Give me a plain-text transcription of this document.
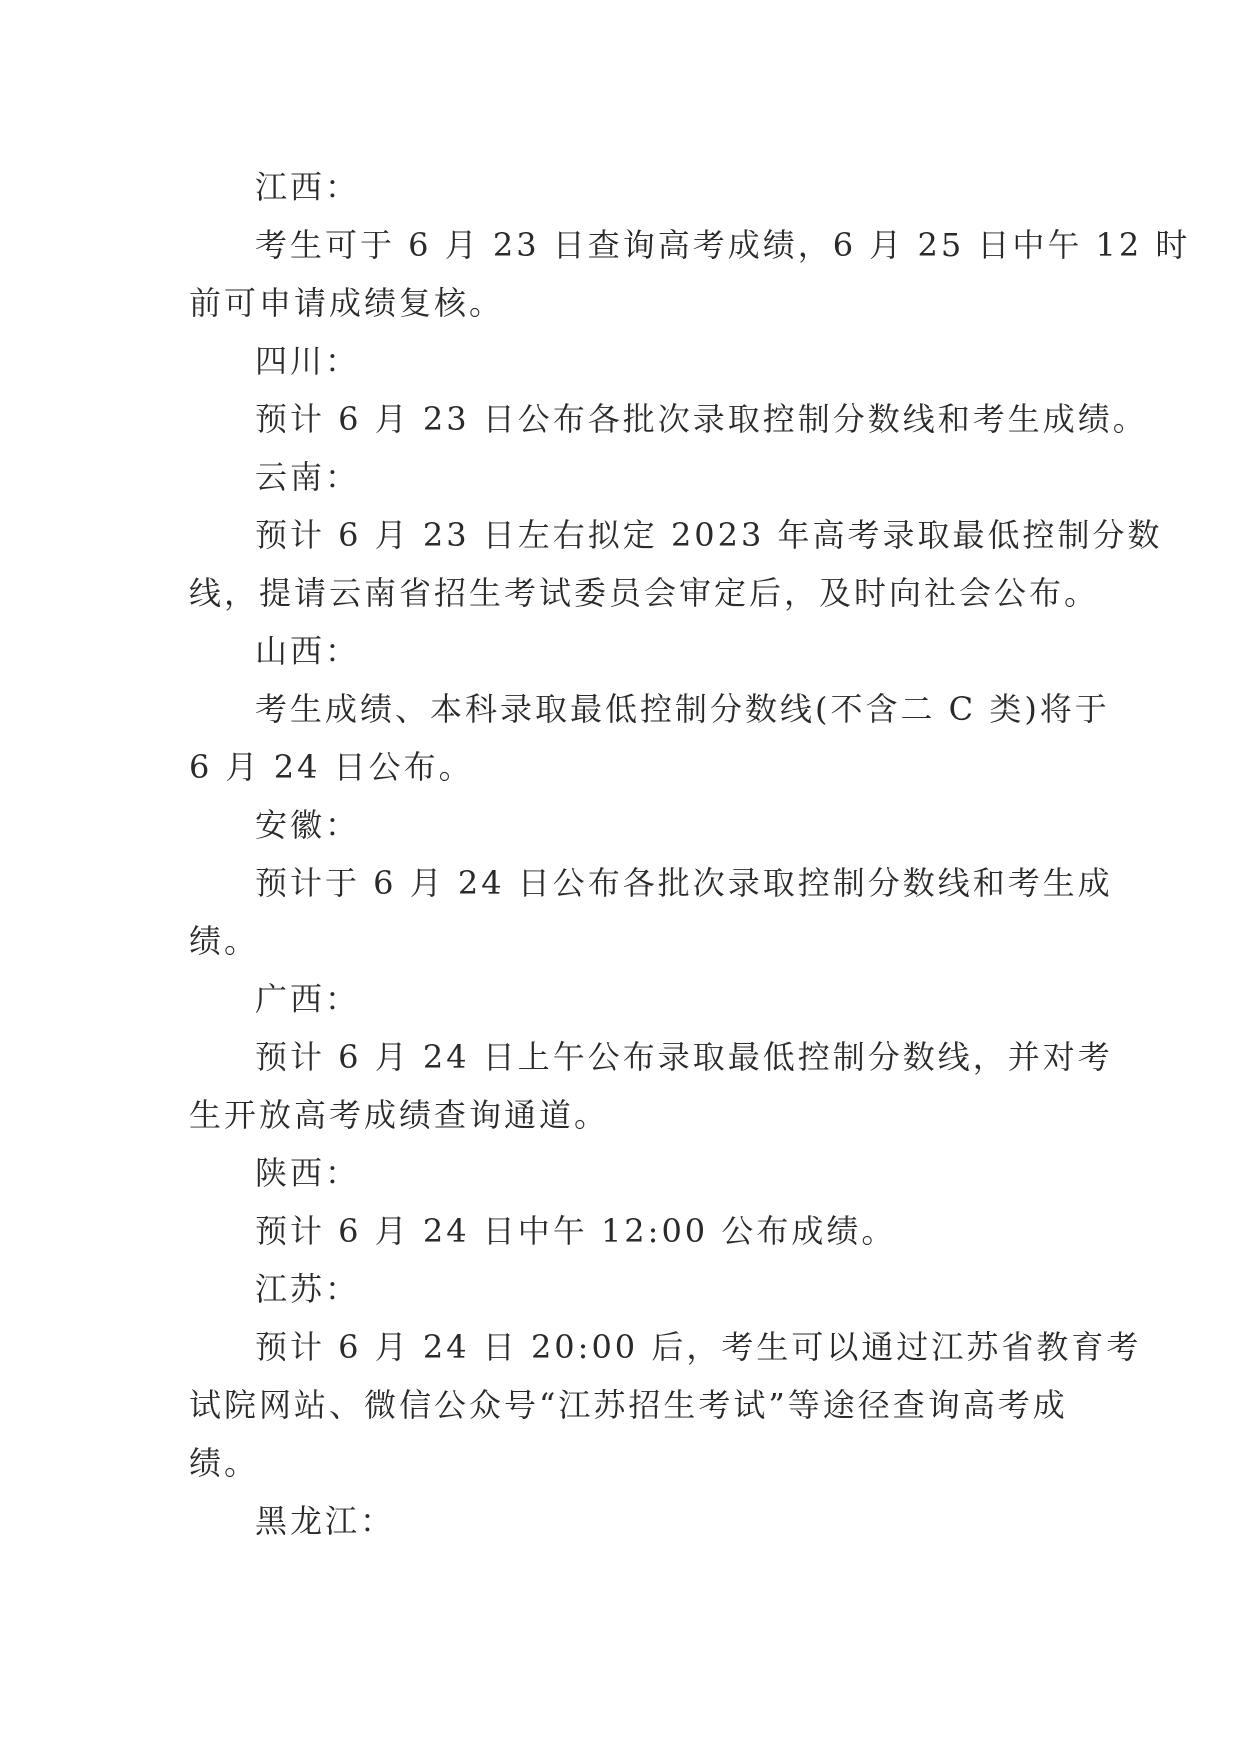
江西：
考生可于 6 月 23 日查询高考成绩，6 月 25 日中午 12 时
前可申请成绩复核。
四川：
预计 6 月 23 日公布各批次录取控制分数线和考生成绩。
云南：
预计 6 月 23 日左右拟定 2023 年高考录取最低控制分数
线，提请云南省招生考试委员会审定后，及时向社会公布。
山西：
考生成绩、本科录取最低控制分数线(不含二 C 类)将于
6 月 24 日公布。
安徽：
预计于 6 月 24 日公布各批次录取控制分数线和考生成
绩。
广西：
预计 6 月 24 日上午公布录取最低控制分数线，并对考
生开放高考成绩查询通道。
陕西：
预计 6 月 24 日中午 12:00 公布成绩。
江苏：
预计 6 月 24 日 20:00 后，考生可以通过江苏省教育考
试院网站、微信公众号“江苏招生考试”等途径查询高考成
绩。
黑龙江：
